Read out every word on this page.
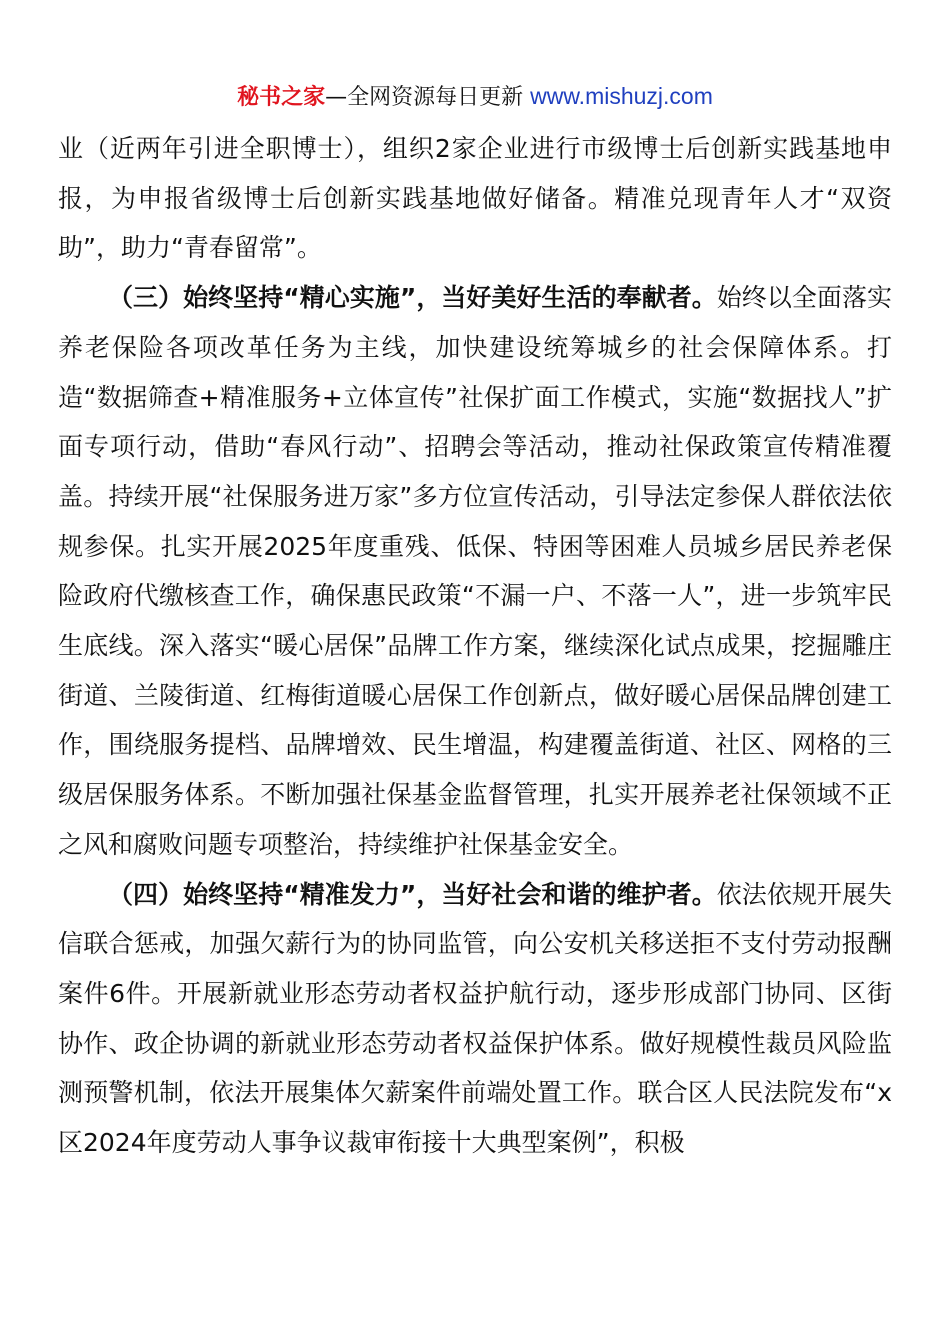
秘书之家—全网资源每日更新 www.mishuzj.com

业（近两年引进全职博士），组织2家企业进行市级博士后创新实践基地申报，为申报省级博士后创新实践基地做好储备。精准兑现青年人才“双资助”，助力“青春留常”。

（三）始终坚持“精心实施”，当好美好生活的奉献者。始终以全面落实养老保险各项改革任务为主线，加快建设统筹城乡的社会保障体系。打造“数据筛查+精准服务+立体宣传”社保扩面工作模式，实施“数据找人”扩面专项行动，借助“春风行动”、招聘会等活动，推动社保政策宣传精准覆盖。持续开展“社保服务进万家”多方位宣传活动，引导法定参保人群依法依规参保。扎实开展2025年度重残、低保、特困等困难人员城乡居民养老保险政府代缴核查工作，确保惠民政策“不漏一户、不落一人”，进一步筑牢民生底线。深入落实“暖心居保”品牌工作方案，继续深化试点成果，挖掘雕庄街道、兰陵街道、红梅街道暖心居保工作创新点，做好暖心居保品牌创建工作，围绕服务提档、品牌增效、民生增温，构建覆盖街道、社区、网格的三级居保服务体系。不断加强社保基金监督管理，扎实开展养老社保领域不正之风和腐败问题专项整治，持续维护社保基金安全。

（四）始终坚持“精准发力”，当好社会和谐的维护者。依法依规开展失信联合惩戒，加强欠薪行为的协同监管，向公安机关移送拒不支付劳动报酬案件6件。开展新就业形态劳动者权益护航行动，逐步形成部门协同、区街协作、政企协调的新就业形态劳动者权益保护体系。做好规模性裁员风险监测预警机制，依法开展集体欠薪案件前端处置工作。联合区人民法院发布“x区2024年度劳动人事争议裁审衔接十大典型案例”，积极
